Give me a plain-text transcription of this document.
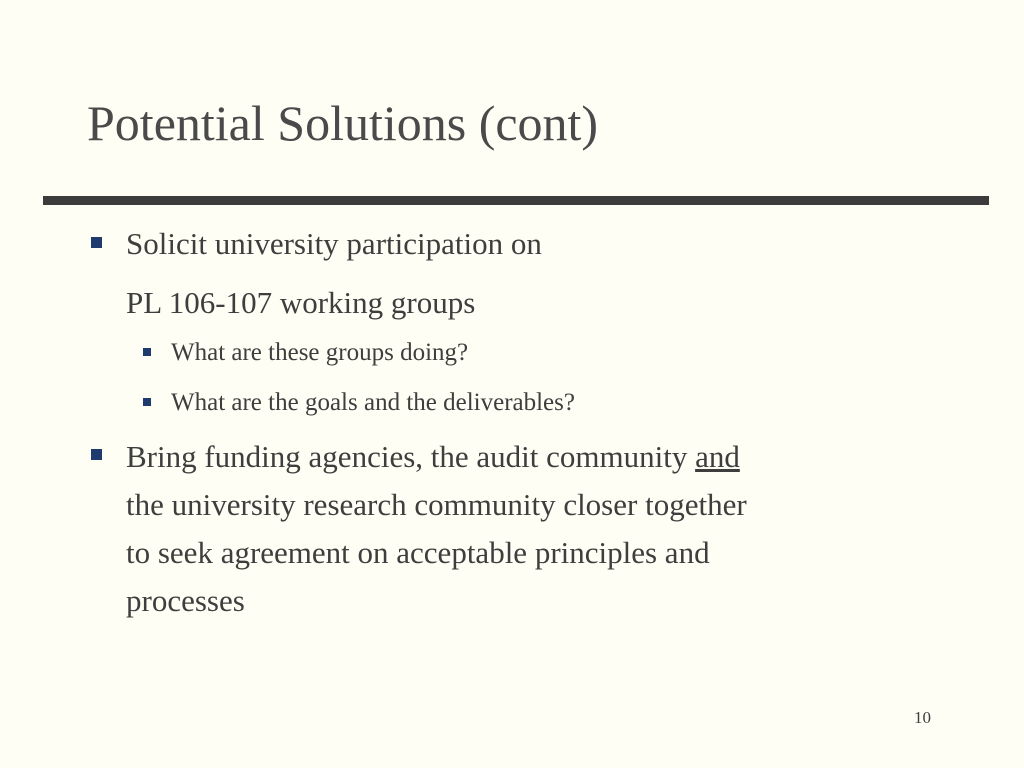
Potential Solutions (cont)
Solicit university participation on
PL 106-107 working groups
What are these groups doing?
What are the goals and the deliverables?
Bring funding agencies, the audit community and
the university research community closer together
to seek agreement on acceptable principles and
processes
10
